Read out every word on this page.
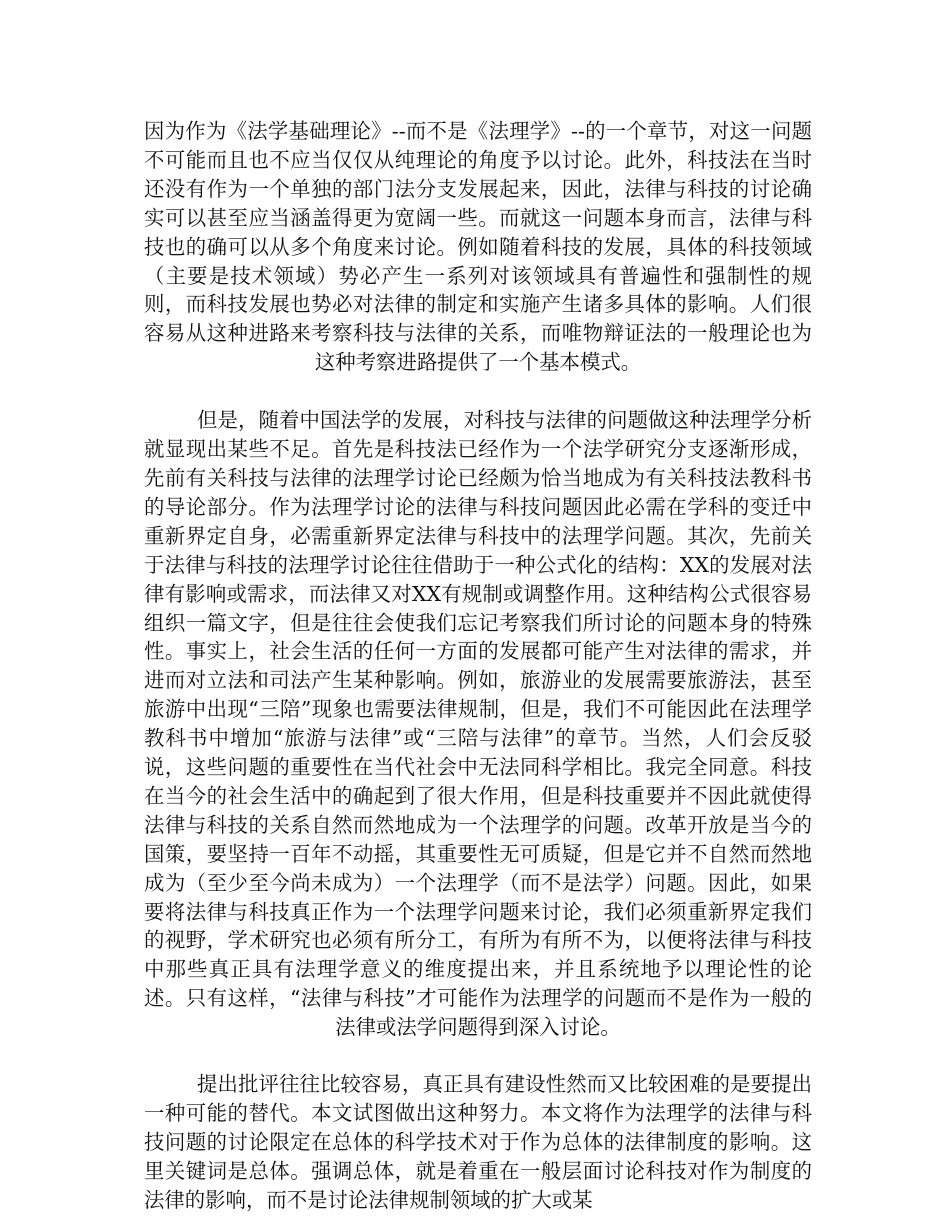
因为作为《法学基础理论》--而不是《法理学》--的一个章节，对这一问题不可能而且也不应当仅仅从纯理论的角度予以讨论。此外，科技法在当时还没有作为一个单独的部门法分支发展起来，因此，法律与科技的讨论确实可以甚至应当涵盖得更为宽阔一些。而就这一问题本身而言，法律与科技也的确可以从多个角度来讨论。例如随着科技的发展，具体的科技领域（主要是技术领域）势必产生一系列对该领域具有普遍性和强制性的规则，而科技发展也势必对法律的制定和实施产生诸多具体的影响。人们很容易从这种进路来考察科技与法律的关系，而唯物辩证法的一般理论也为这种考察进路提供了一个基本模式。

但是，随着中国法学的发展，对科技与法律的问题做这种法理学分析就显现出某些不足。首先是科技法已经作为一个法学研究分支逐渐形成，先前有关科技与法律的法理学讨论已经颇为恰当地成为有关科技法教科书的导论部分。作为法理学讨论的法律与科技问题因此必需在学科的变迁中重新界定自身，必需重新界定法律与科技中的法理学问题。其次，先前关于法律与科技的法理学讨论往往借助于一种公式化的结构：XX的发展对法律有影响或需求，而法律又对XX有规制或调整作用。这种结构公式很容易组织一篇文字，但是往往会使我们忘记考察我们所讨论的问题本身的特殊性。事实上，社会生活的任何一方面的发展都可能产生对法律的需求，并进而对立法和司法产生某种影响。例如，旅游业的发展需要旅游法，甚至旅游中出现“三陪”现象也需要法律规制，但是，我们不可能因此在法理学教科书中增加“旅游与法律”或“三陪与法律”的章节。当然，人们会反驳说，这些问题的重要性在当代社会中无法同科学相比。我完全同意。科技在当今的社会生活中的确起到了很大作用，但是科技重要并不因此就使得法律与科技的关系自然而然地成为一个法理学的问题。改革开放是当今的国策，要坚持一百年不动摇，其重要性无可质疑，但是它并不自然而然地成为（至少至今尚未成为）一个法理学（而不是法学）问题。因此，如果要将法律与科技真正作为一个法理学问题来讨论，我们必须重新界定我们的视野，学术研究也必须有所分工，有所为有所不为，以便将法律与科技中那些真正具有法理学意义的维度提出来，并且系统地予以理论性的论述。只有这样，“法律与科技”才可能作为法理学的问题而不是作为一般的法律或法学问题得到深入讨论。

提出批评往往比较容易，真正具有建设性然而又比较困难的是要提出一种可能的替代。本文试图做出这种努力。本文将作为法理学的法律与科技问题的讨论限定在总体的科学技术对于作为总体的法律制度的影响。这里关键词是总体。强调总体，就是着重在一般层面讨论科技对作为制度的法律的影响，而不是讨论法律规制领域的扩大或某
